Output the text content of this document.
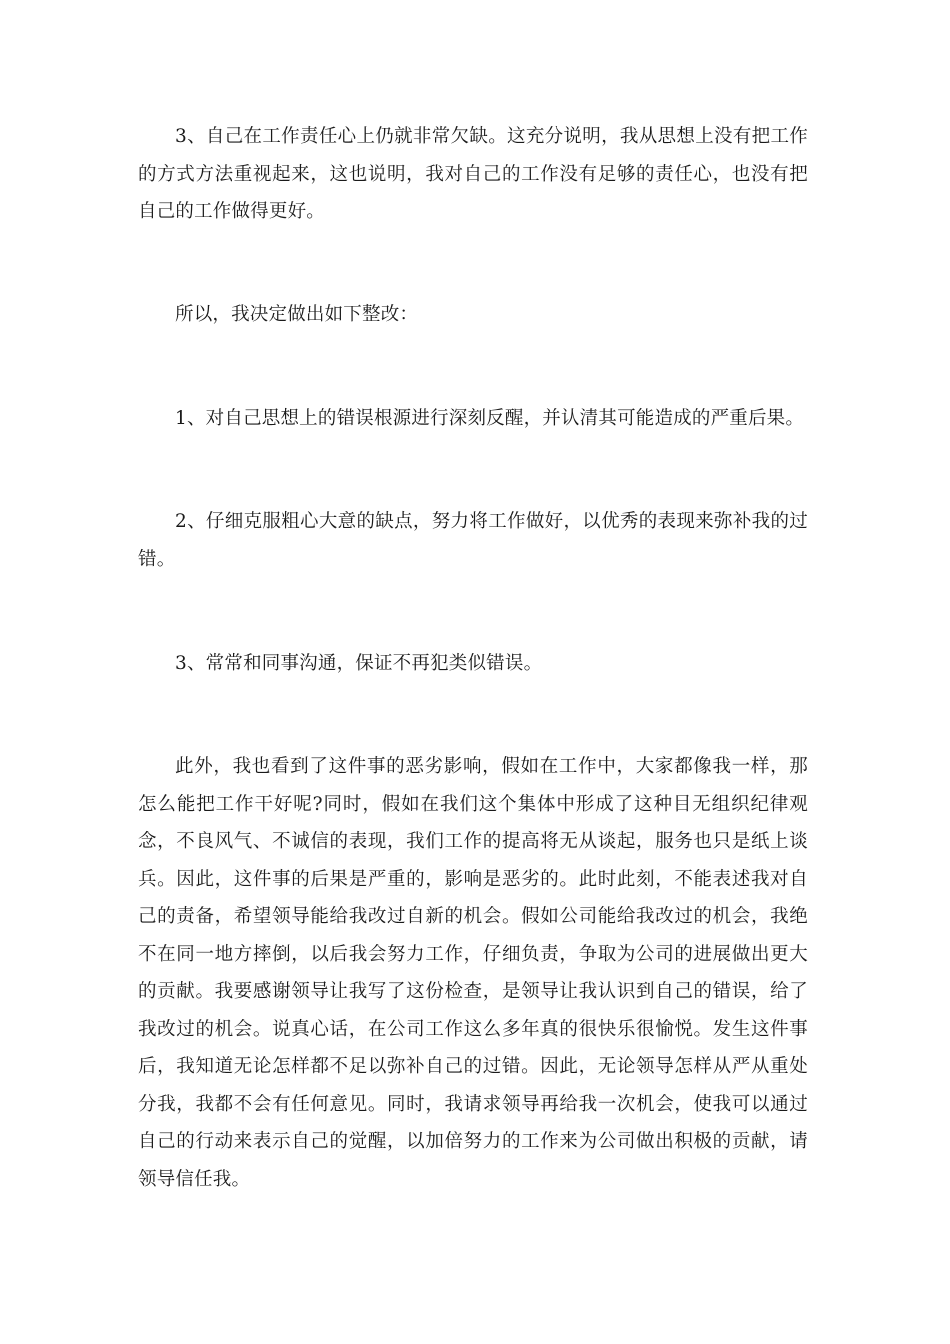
3、自己在工作责任心上仍就非常欠缺。这充分说明，我从思想上没有把工作的方式方法重视起来，这也说明，我对自己的工作没有足够的责任心，也没有把自己的工作做得更好。

所以，我决定做出如下整改：

1、对自己思想上的错误根源进行深刻反醒，并认清其可能造成的严重后果。

2、仔细克服粗心大意的缺点，努力将工作做好，以优秀的表现来弥补我的过错。

3、常常和同事沟通，保证不再犯类似错误。

此外，我也看到了这件事的恶劣影响，假如在工作中，大家都像我一样，那怎么能把工作干好呢?同时，假如在我们这个集体中形成了这种目无组织纪律观念，不良风气、不诚信的表现，我们工作的提高将无从谈起，服务也只是纸上谈兵。因此，这件事的后果是严重的，影响是恶劣的。此时此刻，不能表述我对自己的责备，希望领导能给我改过自新的机会。假如公司能给我改过的机会，我绝不在同一地方摔倒，以后我会努力工作，仔细负责，争取为公司的进展做出更大的贡献。我要感谢领导让我写了这份检查，是领导让我认识到自己的错误，给了我改过的机会。说真心话，在公司工作这么多年真的很快乐很愉悦。发生这件事后，我知道无论怎样都不足以弥补自己的过错。因此，无论领导怎样从严从重处分我，我都不会有任何意见。同时，我请求领导再给我一次机会，使我可以通过自己的行动来表示自己的觉醒，以加倍努力的工作来为公司做出积极的贡献，请领导信任我。
